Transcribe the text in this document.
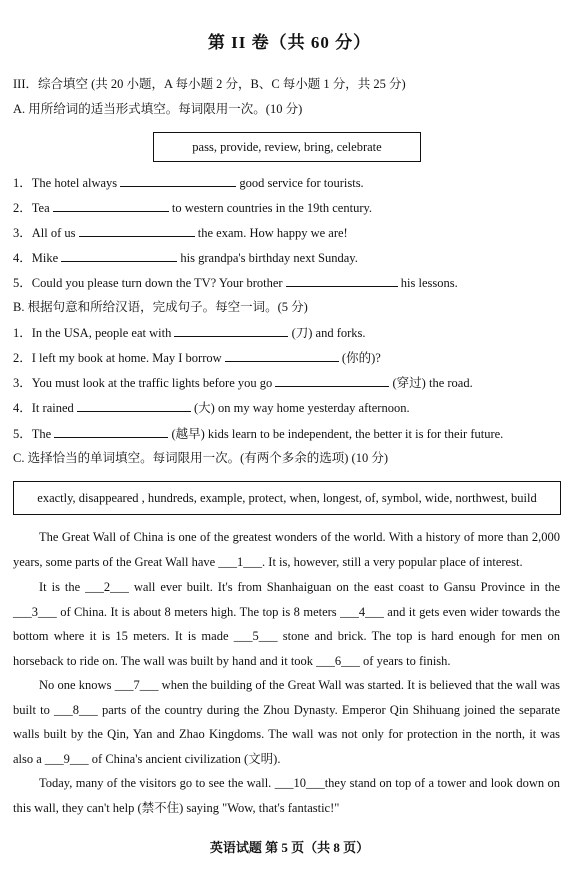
第 II 卷（共 60 分）
III．综合填空 (共 20 小题，A 每小题 2 分，B、C 每小题 1 分，共 25 分)
A. 用所给词的适当形式填空。每词限用一次。(10 分)
pass, provide, review, bring, celebrate
1．The hotel always	good service for tourists.
2．Tea	to western countries in the 19th century.
3．All of us	the exam. How happy we are!
4．Mike	his grandpa's birthday next Sunday.
5．Could you please turn down the TV? Your brother	his lessons.
B. 根据句意和所给汉语，完成句子。每空一词。(5 分)
1．In the USA, people eat with	(刀) and forks.
2．I left my book at home. May I borrow	(你的)?
3．You must look at the traffic lights before you go	(穿过) the road.
4．It rained	(大) on my way home yesterday afternoon.
5．The	(越早) kids learn to be independent, the better it is for their future.
C. 选择恰当的单词填空。每词限用一次。(有两个多余的选项) (10 分)
exactly, disappeared , hundreds, example, protect, when, longest, of, symbol, wide, northwest, build
The Great Wall of China is one of the greatest wonders of the world. With a history of more than 2,000 years, some parts of the Great Wall have ___1___. It is, however, still a very popular place of interest.
It is the ___2___ wall ever built. It's from Shanhaiguan on the east coast to Gansu Province in the ___3___ of China. It is about 8 meters high. The top is 8 meters ___4___ and it gets even wider towards the bottom where it is 15 meters. It is made ___5___ stone and brick. The top is hard enough for men on horseback to ride on. The wall was built by hand and it took ___6___ of years to finish.
No one knows ___7___ when the building of the Great Wall was started. It is believed that the wall was built to ___8___ parts of the country during the Zhou Dynasty. Emperor Qin Shihuang joined the separate walls built by the Qin, Yan and Zhao Kingdoms. The wall was not only for protection in the north, it was also a ___9___ of China's ancient civilization (文明).
Today, many of the visitors go to see the wall. ___10___they stand on top of a tower and look down on this wall, they can't help (禁不住) saying "Wow, that's fantastic!"
英语试题 第 5 页（共 8 页）
